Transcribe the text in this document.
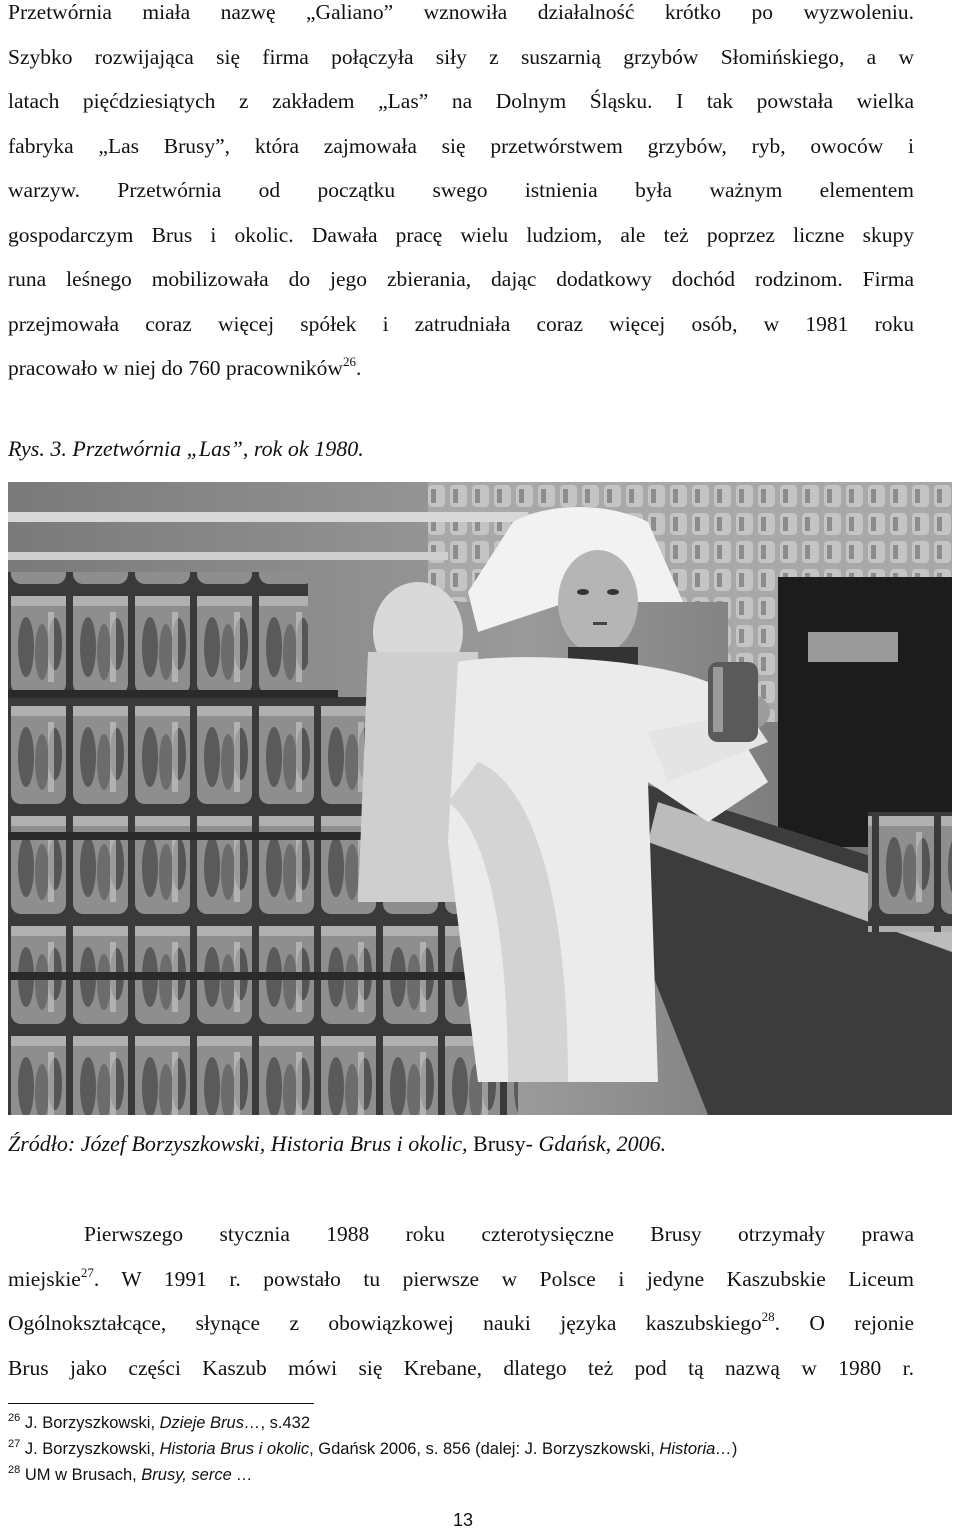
Przetwórnia miała nazwę „Galiano” wznowiła działalność krótko po wyzwoleniu.
Szybko rozwijająca się firma połączyła siły z suszarnią grzybów Słomińskiego, a w
latach pięćdziesiątych z zakładem „Las” na Dolnym Śląsku. I tak powstała wielka
fabryka „Las Brusy”, która zajmowała się przetwórstwem grzybów, ryb, owoców i
warzyw. Przetwórnia od początku swego istnienia była ważnym elementem
gospodarczym Brus i okolic. Dawała pracę wielu ludziom, ale też poprzez liczne skupy
runa leśnego mobilizowała do jego zbierania, dając dodatkowy dochód rodzinom. Firma
przejmowała coraz więcej spółek i zatrudniała coraz więcej osób, w 1981 roku
pracowało w niej do 760 pracowników$^{26}$.

Rys. 3. Przetwórnia „Las”, rok ok 1980.

Źródło: Józef Borzyszkowski, Historia Brus i okolic, Brusy- Gdańsk, 2006.

Pierwszego stycznia 1988 roku czterotysięczne Brusy otrzymały prawa
miejskie$^{27}$. W 1991 r. powstało tu pierwsze w Polsce i jedyne Kaszubskie Liceum
Ogólnokształcące, słynące z obowiązkowej nauki języka kaszubskiego$^{28}$. O rejonie
Brus jako części Kaszub mówi się Krebane, dlatego też pod tą nazwą w 1980 r.
$^{26}$ J. Borzyszkowski, Dzieje Brus…, s.432
$^{27}$ J. Borzyszkowski, Historia Brus i okolic, Gdańsk 2006, s. 856 (dalej: J. Borzyszkowski, Historia…)
$^{28}$ UM w Brusach, Brusy, serce …
13
